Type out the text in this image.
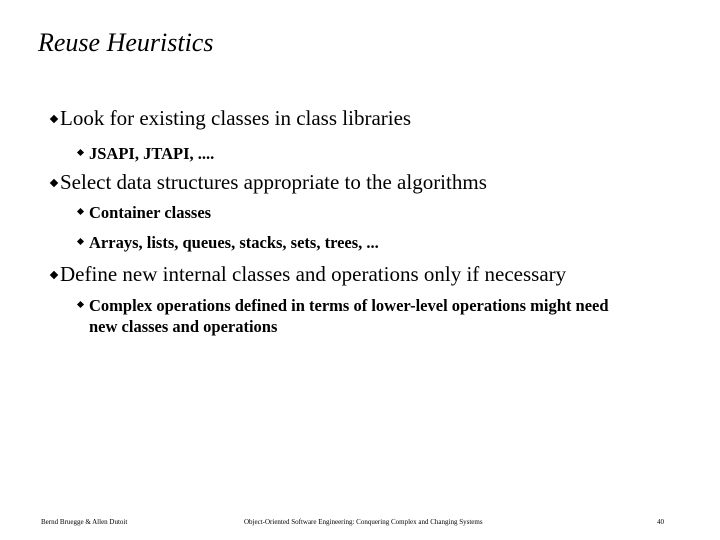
Reuse Heuristics
Look for existing classes in class libraries
JSAPI, JTAPI, ....
Select data structures appropriate to the algorithms
Container classes
Arrays, lists, queues, stacks, sets, trees, ...
Define new internal classes and operations only if necessary
Complex operations defined in terms of lower-level operations might need new classes and operations
Bernd Bruegge & Allen Dutoit	Object-Oriented Software Engineering: Conquering Complex and Changing Systems	40
